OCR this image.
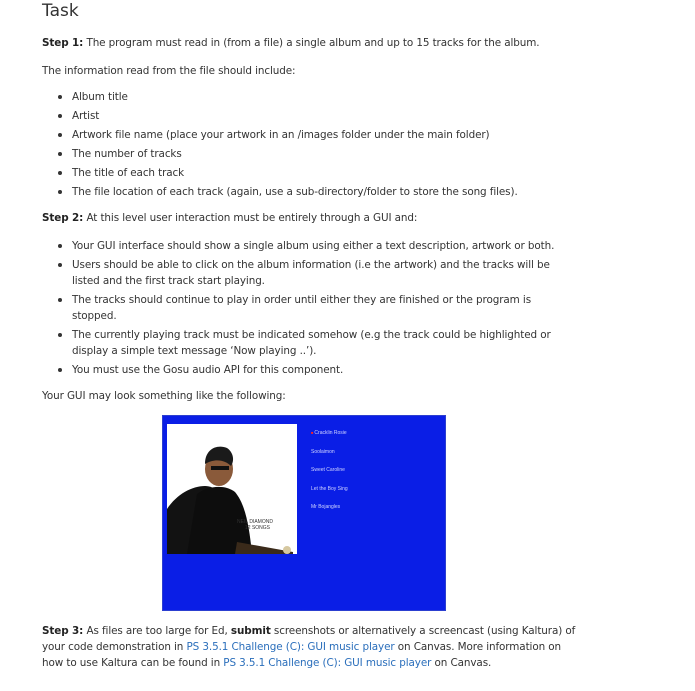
Task
Step 1: The program must read in (from a file) a single album and up to 15 tracks for the album.
The information read from the file should include:
Album title
Artist
Artwork file name (place your artwork in an /images folder under the main folder)
The number of tracks
The title of each track
The file location of each track (again, use a sub-directory/folder to store the song files).
Step 2: At this level user interaction must be entirely through a GUI and:
Your GUI interface should show a single album using either a text description, artwork or both.
Users should be able to click on the album information (i.e the artwork) and the tracks will be listed and the first track start playing.
The tracks should continue to play in order until either they are finished or the program is stopped.
The currently playing track must be indicated somehow (e.g the track could be highlighted or display a simple text message ‘Now playing ..’).
You must use the Gosu audio API for this component.
Your GUI may look something like the following:
NEIL DIAMOND
12 SONGS
■ Cracklin Rosie
Soolaimon
Sweet Caroline
Let the Boy Sing
Mr Bojangles
Step 3: As files are too large for Ed, submit screenshots or alternatively a screencast (using Kaltura) of your code demonstration in PS 3.5.1 Challenge (C): GUI music player on Canvas. More information on how to use Kaltura can be found in PS 3.5.1 Challenge (C): GUI music player on Canvas.
